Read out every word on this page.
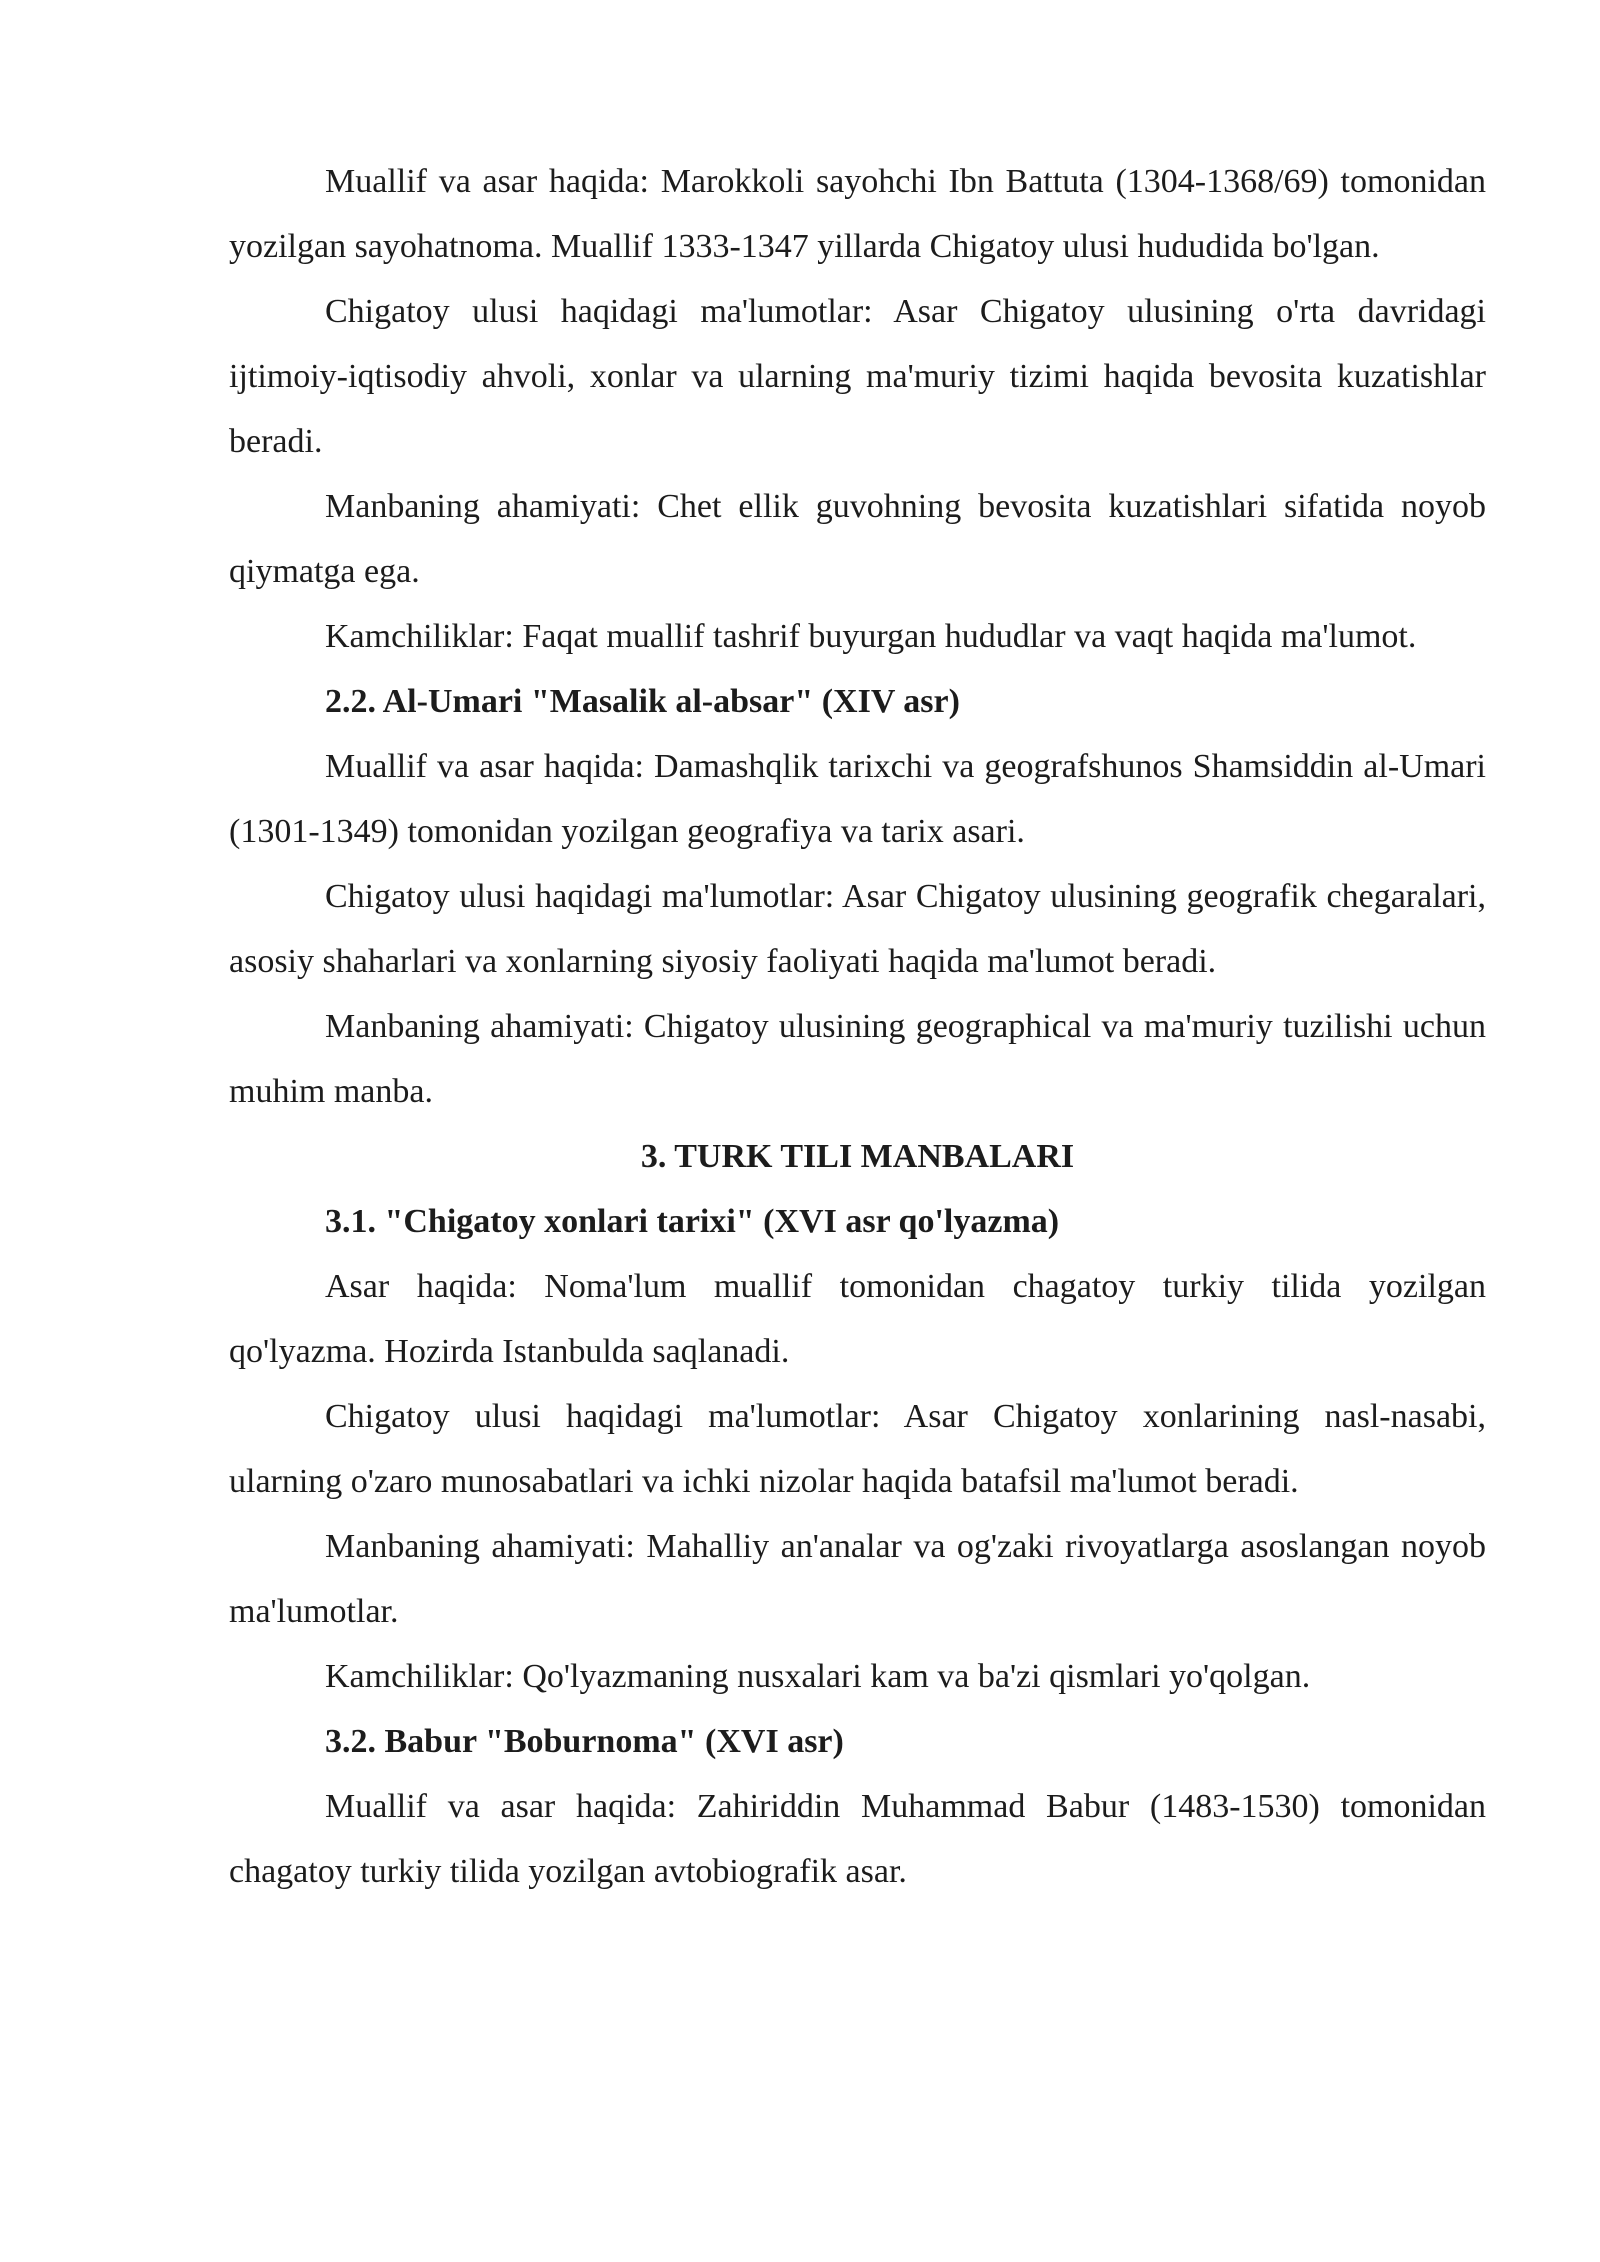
Muallif va asar haqida: Marokkoli sayohchi Ibn Battuta (1304-1368/69) tomonidan yozilgan sayohatnoma. Muallif 1333-1347 yillarda Chigatoy ulusi hududida bo'lgan.

Chigatoy ulusi haqidagi ma'lumotlar: Asar Chigatoy ulusining o'rta davridagi ijtimoiy-iqtisodiy ahvoli, xonlar va ularning ma'muriy tizimi haqida bevosita kuzatishlar beradi.

Manbaning ahamiyati: Chet ellik guvohning bevosita kuzatishlari sifatida noyob qiymatga ega.

Kamchiliklar: Faqat muallif tashrif buyurgan hududlar va vaqt haqida ma'lumot.

2.2. Al-Umari "Masalik al-absar" (XIV asr)

Muallif va asar haqida: Damashqlik tarixchi va geografshunos Shamsiddin al-Umari (1301-1349) tomonidan yozilgan geografiya va tarix asari.

Chigatoy ulusi haqidagi ma'lumotlar: Asar Chigatoy ulusining geografik chegaralari, asosiy shaharlari va xonlarning siyosiy faoliyati haqida ma'lumot beradi.

Manbaning ahamiyati: Chigatoy ulusining geographical va ma'muriy tuzilishi uchun muhim manba.

3. TURK TILI MANBALARI

3.1. "Chigatoy xonlari tarixi" (XVI asr qo'lyazma)

Asar haqida: Noma'lum muallif tomonidan chagatoy turkiy tilida yozilgan qo'lyazma. Hozirda Istanbulda saqlanadi.

Chigatoy ulusi haqidagi ma'lumotlar: Asar Chigatoy xonlarining nasl-nasabi, ularning o'zaro munosabatlari va ichki nizolar haqida batafsil ma'lumot beradi.

Manbaning ahamiyati: Mahalliy an'analar va og'zaki rivoyatlarga asoslangan noyob ma'lumotlar.

Kamchiliklar: Qo'lyazmaning nusxalari kam va ba'zi qismlari yo'qolgan.

3.2. Babur "Boburnoma" (XVI asr)

Muallif va asar haqida: Zahiriddin Muhammad Babur (1483-1530) tomonidan chagatoy turkiy tilida yozilgan avtobiografik asar.
